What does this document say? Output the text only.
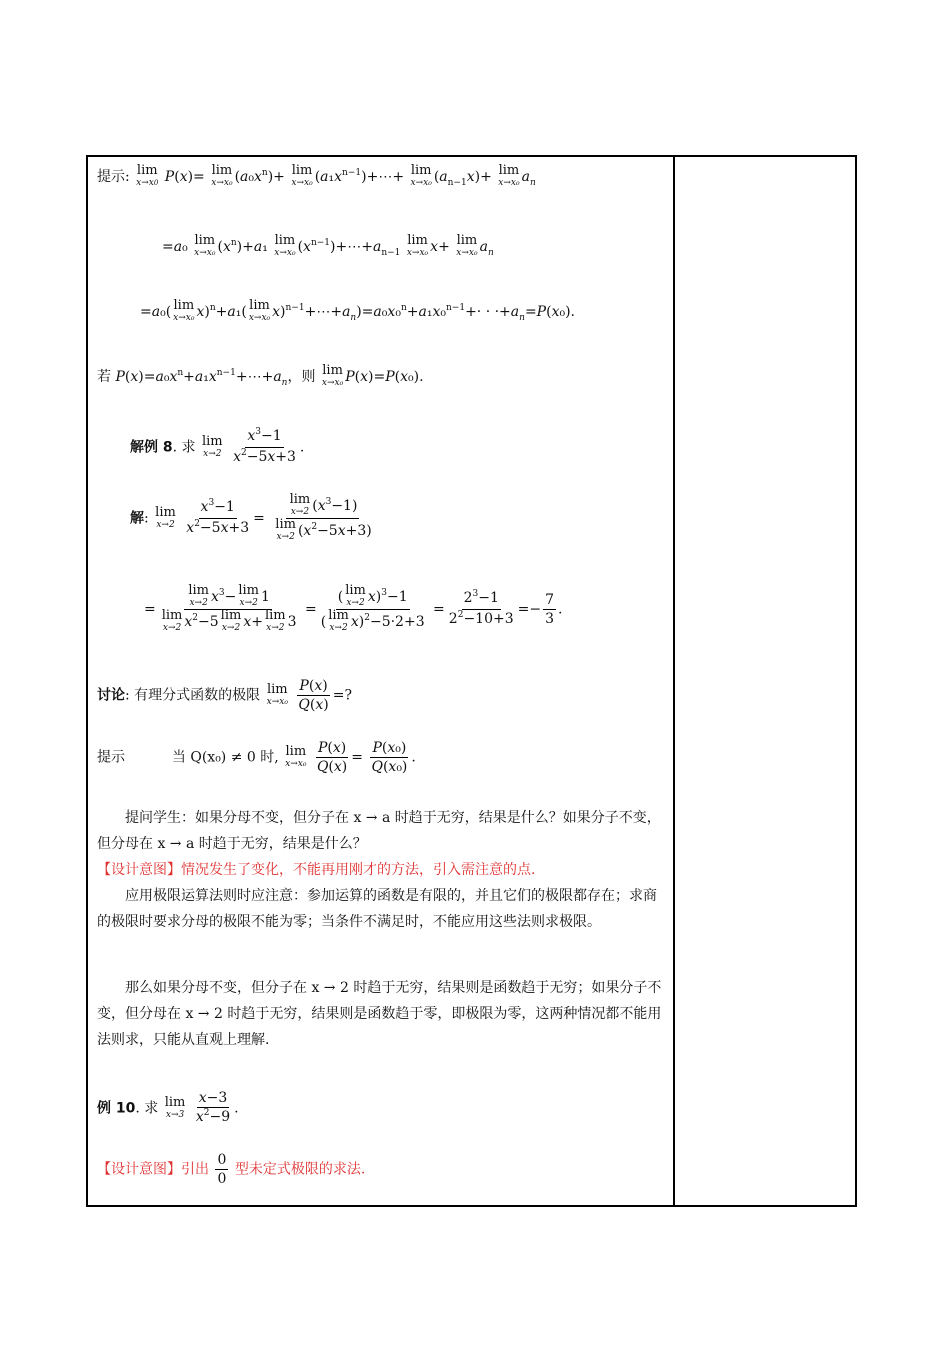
提示: lim
x→x0 P(x)= lim
x→x₀ $(a_0x^n)+ \lim$
x→x₀ $(a_1x^{n-1})+\cdots+ \lim$
x→x₀ $(a_{n-1}x)+ \lim$
x→x₀ $a_n$
=a₀ lim
x→x₀ $(x^n)+a_1$ lim
x→x₀ $(x^{n-1})+\cdots+a_{n-1}$
lim
x→x₀ x+ lim
x→x₀ $a_n$
=a₀( lim
x→x₀ x)$^n$+a₁( lim
x→x₀ $x)^{n-1}+\cdots+a_n)=a_0x_0^n+a_1x_0^{n-1}+\cdot \cdot \cdot+a_n=P(x_0)$.
若 $P(x)=a_0x^n+a_1x^{n-1}+\cdots+a_n$，则 lim
x→x₀ P(x)=P(x₀).
解例 8. 求 lim
x→2
$\frac{x^3-1}{x^2-5x+3}$ .
解: lim
x→2
$\frac{x^3-1}{x^2-5x+3} = \lim$
x→2 $(x^3-1)$
lim
x→2 $(x^2-5x+3)$
= lim
x→2 $x^3- \lim$
x→2 1
lim
x→2 $x^2-5$ lim
x→2 x+ lim
x→2 3 = ( lim
x→2 x)$^3$−1
( lim
x→2 $x)^2-5\cdot 2+3 = \frac{2^3-1}{2^2-10+3} =- \frac{7}{3}$ .
讨论: 有理分式函数的极限 lim
x→x₀
$\frac{P(x)}{Q(x)}$ =?
提示	当 Q(x₀) ≠ 0 时, lim
x→x₀
$\frac{P(x)}{Q(x)} = \frac{\text{P(x₀)}}{\text{Q(x₀)}}$ .
提问学生：如果分母不变，但分子在 x → a 时趋于无穷，结果是什么？如果分子不变，但分母在 x → a 时趋于无穷，结果是什么？
【设计意图】情况发生了变化，不能再用刚才的方法，引入需注意的点.
应用极限运算法则时应注意：参加运算的函数是有限的，并且它们的极限都存在；求商的极限时要求分母的极限不能为零；当条件不满足时，不能应用这些法则求极限。
那么如果分母不变，但分子在 x → 2 时趋于无穷，结果则是函数趋于无穷；如果分子不变，但分母在 x → 2 时趋于无穷，结果则是函数趋于零，即极限为零，这两种情况都不能用法则求，只能从直观上理解.
例 10. 求 lim
x→3
$\frac{x-3}{x^2-9}$ .
【设计意图】引出 $\frac{0}{0}$ 型未定式极限的求法.
